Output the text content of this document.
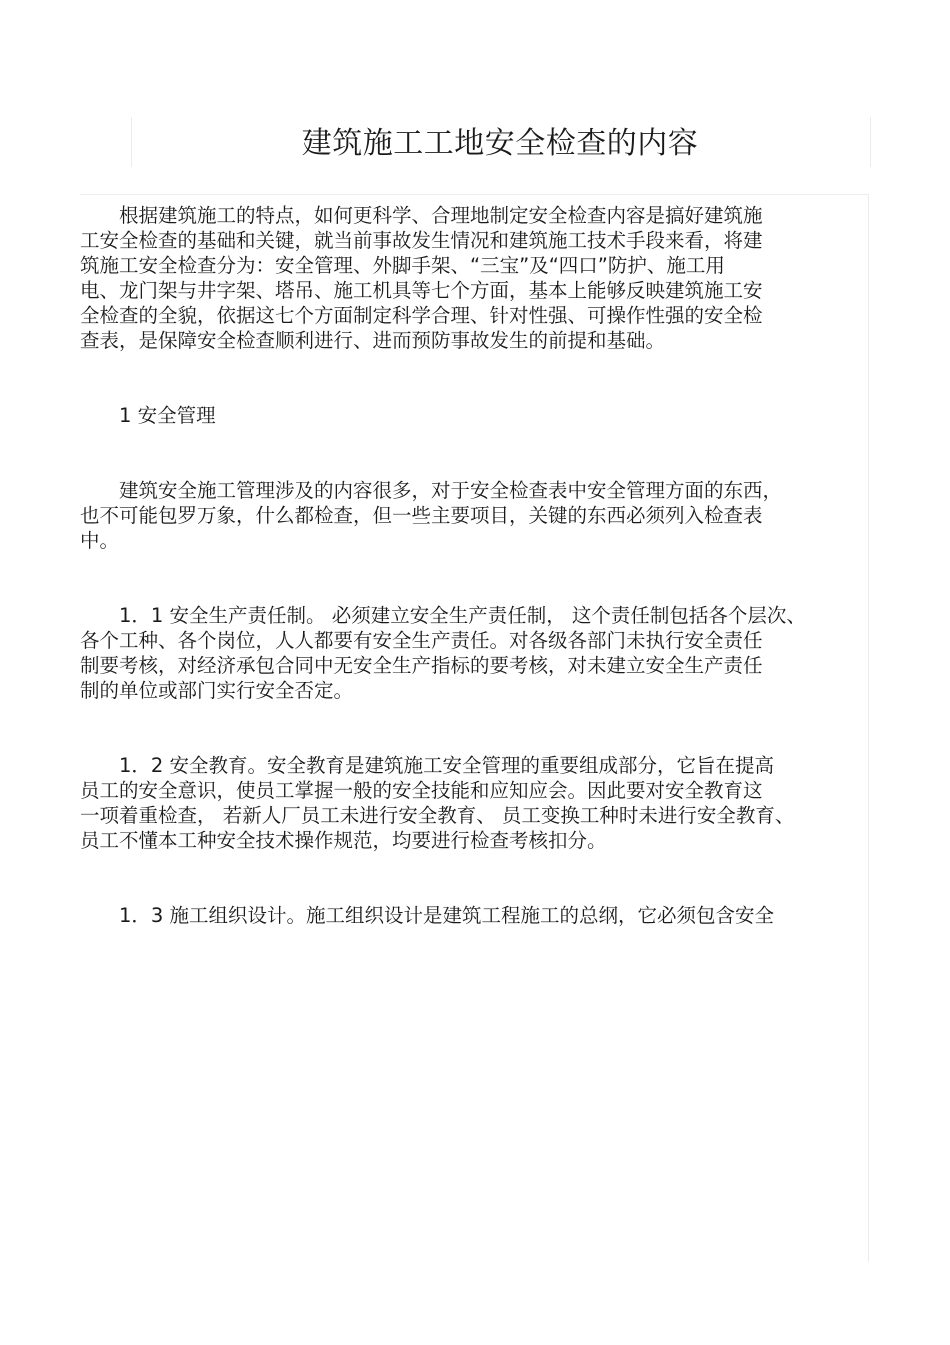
建筑施工工地安全检查的内容

　　根据建筑施工的特点，如何更科学、合理地制定安全检查内容是搞好建筑施

工安全检查的基础和关键，就当前事故发生情况和建筑施工技术手段来看，将建

筑施工安全检查分为：安全管理、外脚手架、“三宝”及“四口”防护、施工用

电、龙门架与井字架、塔吊、施工机具等七个方面，基本上能够反映建筑施工安

全检查的全貌，依据这七个方面制定科学合理、针对性强、可操作性强的安全检

查表，是保障安全检查顺利进行、进而预防事故发生的前提和基础。

　　1 安全管理

　　建筑安全施工管理涉及的内容很多，对于安全检查表中安全管理方面的东西，

也不可能包罗万象，什么都检查，但一些主要项目，关键的东西必须列入检查表

中。

　　1．1 安全生产责任制。 必须建立安全生产责任制， 这个责任制包括各个层次、

各个工种、各个岗位，人人都要有安全生产责任。对各级各部门未执行安全责任

制要考核，对经济承包合同中无安全生产指标的要考核，对未建立安全生产责任

制的单位或部门实行安全否定。

　　1．2 安全教育。安全教育是建筑施工安全管理的重要组成部分，它旨在提高

员工的安全意识，使员工掌握一般的安全技能和应知应会。因此要对安全教育这

一项着重检查， 若新人厂员工未进行安全教育、 员工变换工种时未进行安全教育、

员工不懂本工种安全技术操作规范，均要进行检查考核扣分。

　　1．3 施工组织设计。施工组织设计是建筑工程施工的总纲，它必须包含安全
